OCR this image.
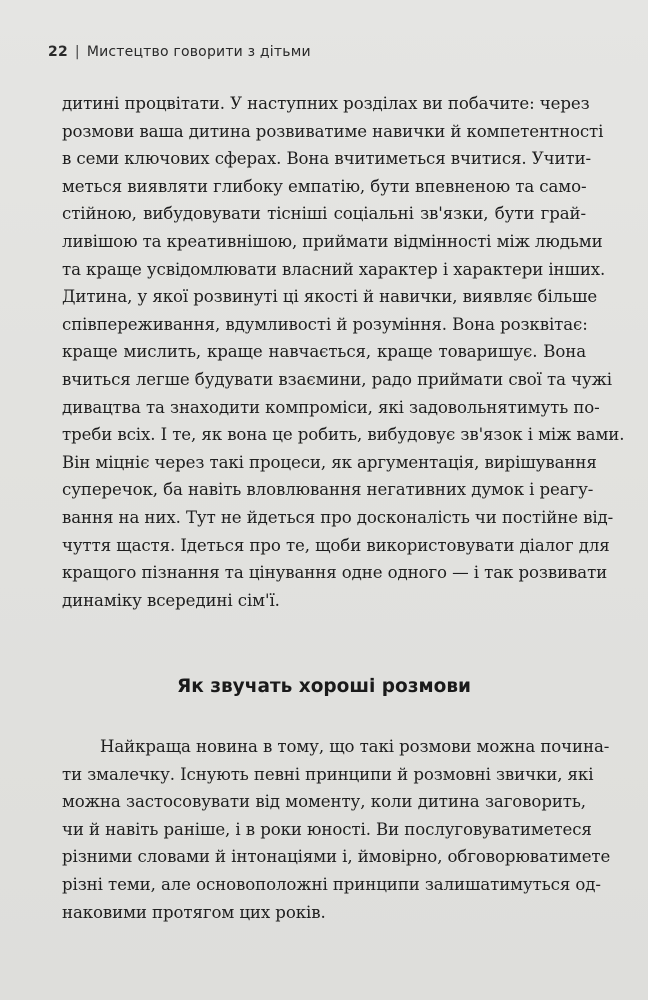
22 | Мистецтво говорити з дітьми
дитині процвітати. У наступних розділах ви побачите: через
розмови ваша дитина розвиватиме навички й компетентності
в семи ключових сферах. Вона вчитиметься вчитися. Учити-
меться виявляти глибоку емпатію, бути впевненою та само-
стійною, вибудовувати тісніші соціальні зв'язки, бути грай-
ливішою та креативнішою, приймати відмінності між людьми
та краще усвідомлювати власний характер і характери інших.
Дитина, у якої розвинуті ці якості й навички, виявляє більше
співпереживання, вдумливості й розуміння. Вона розквітає:
краще мислить, краще навчається, краще товаришує. Вона
вчиться легше будувати взаємини, радо приймати свої та чужі
дивацтва та знаходити компроміси, які задовольнятимуть по-
треби всіх. І те, як вона це робить, вибудовує зв'язок і між вами.
Він міцніє через такі процеси, як аргументація, вирішування
суперечок, ба навіть вловлювання негативних думок і реагу-
вання на них. Тут не йдеться про досконалість чи постійне від-
чуття щастя. Ідеться про те, щоби використовувати діалог для
кращого пізнання та цінування одне одного — і так розвивати
динаміку всередині сім'ї.
Як звучать хороші розмови
Найкраща новина в тому, що такі розмови можна почина-
ти змалечку. Існують певні принципи й розмовні звички, які
можна застосовувати від моменту, коли дитина заговорить,
чи й навіть раніше, і в роки юності. Ви послуговуватиметеся
різними словами й інтонаціями і, ймовірно, обговорюватимете
різні теми, але основоположні принципи залишатимуться од-
наковими протягом цих років.
